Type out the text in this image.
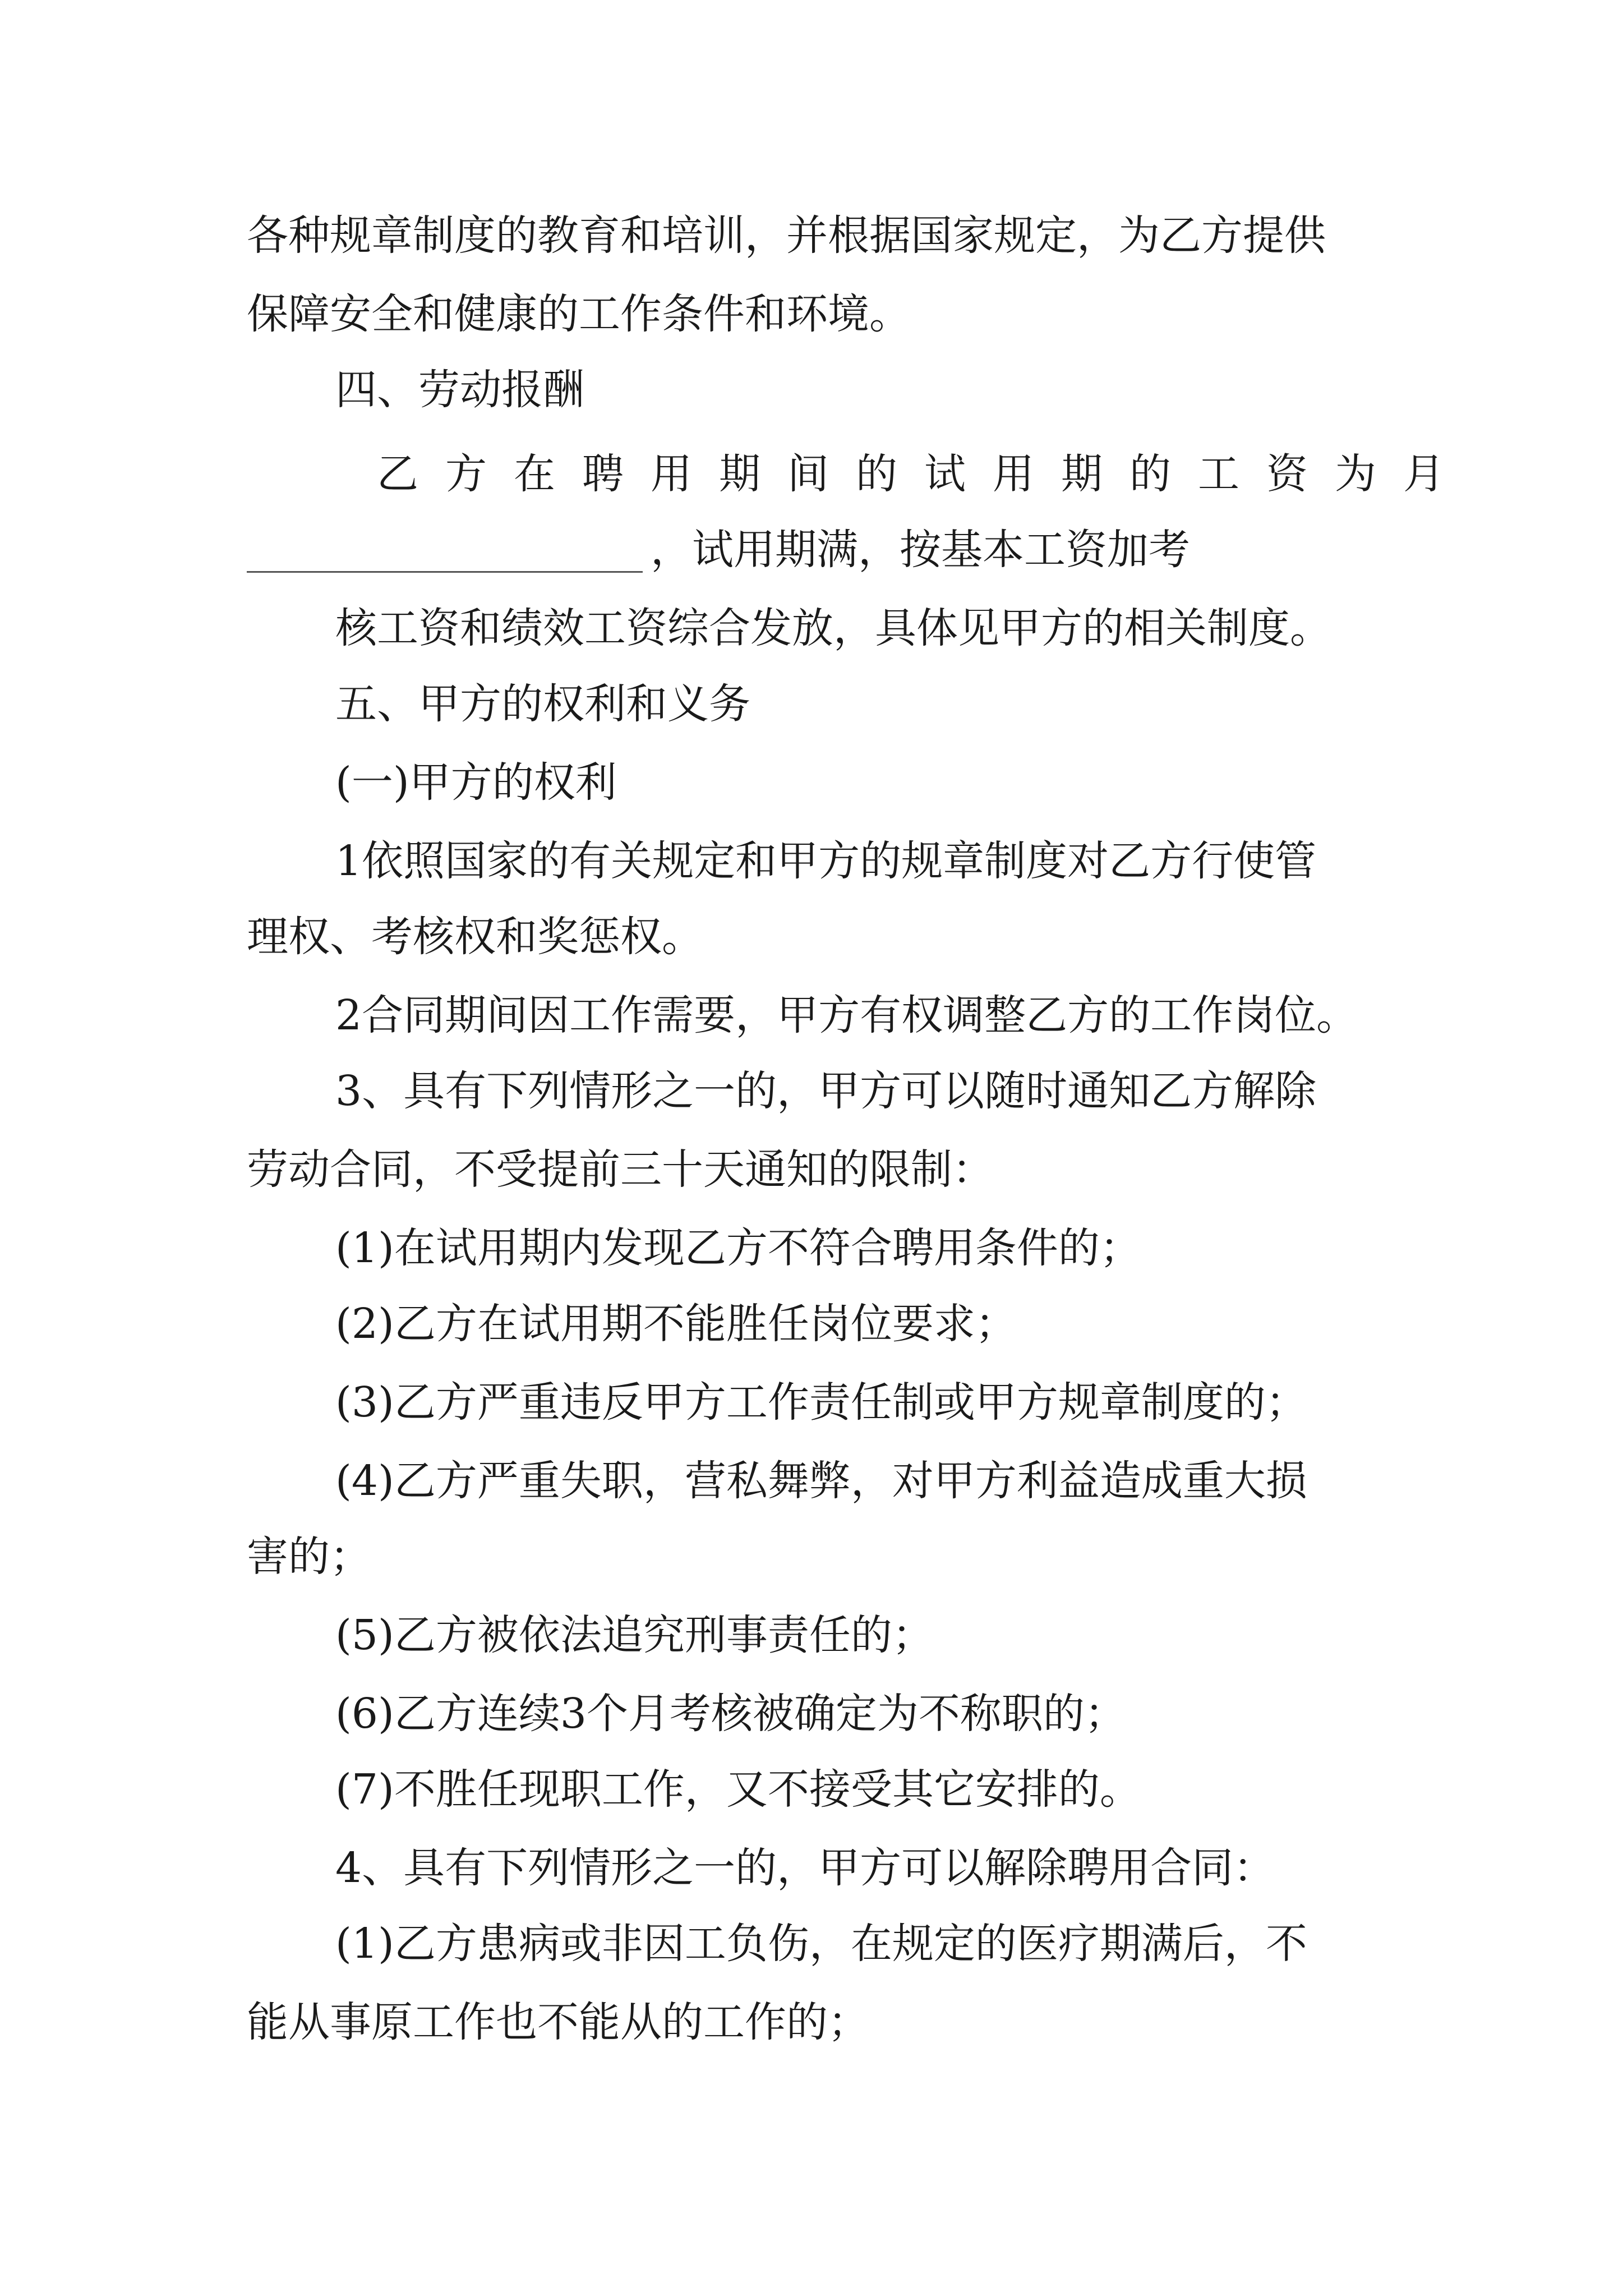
各种规章制度的教育和培训，并根据国家规定，为乙方提供

保障安全和健康的工作条件和环境。

四、劳动报酬

乙方在聘用期间的试用期的工资为月

，试用期满，按基本工资加考

核工资和绩效工资综合发放，具体见甲方的相关制度。

五、甲方的权利和义务

(一)甲方的权利

1依照国家的有关规定和甲方的规章制度对乙方行使管

理权、考核权和奖惩权。

2合同期间因工作需要，甲方有权调整乙方的工作岗位。

3、具有下列情形之一的，甲方可以随时通知乙方解除

劳动合同，不受提前三十天通知的限制：

(1)在试用期内发现乙方不符合聘用条件的；

(2)乙方在试用期不能胜任岗位要求；

(3)乙方严重违反甲方工作责任制或甲方规章制度的；

(4)乙方严重失职，营私舞弊，对甲方利益造成重大损

害的；

(5)乙方被依法追究刑事责任的；

(6)乙方连续3个月考核被确定为不称职的；

(7)不胜任现职工作，又不接受其它安排的。

4、具有下列情形之一的，甲方可以解除聘用合同：

(1)乙方患病或非因工负伤，在规定的医疗期满后，不

能从事原工作也不能从的工作的；
